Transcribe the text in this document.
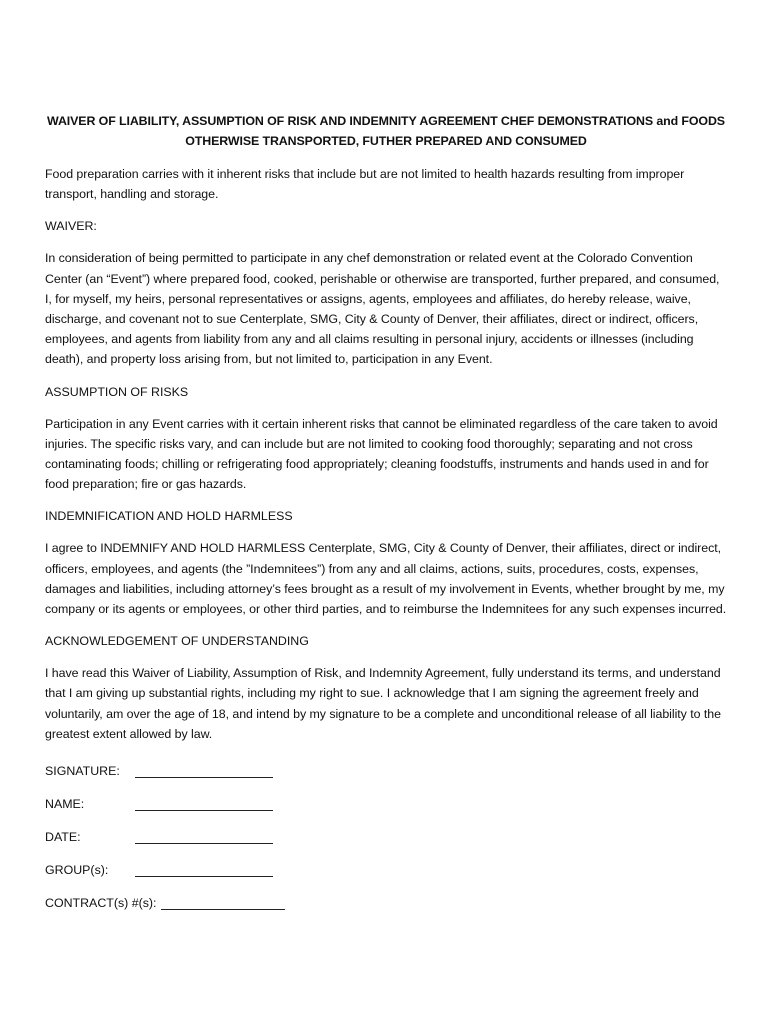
WAIVER OF LIABILITY, ASSUMPTION OF RISK AND INDEMNITY AGREEMENT CHEF DEMONSTRATIONS and FOODS OTHERWISE TRANSPORTED, FUTHER PREPARED AND CONSUMED
Food preparation carries with it inherent risks that include but are not limited to health hazards resulting from improper transport, handling and storage.
WAIVER:
In consideration of being permitted to participate in any chef demonstration or related event at the Colorado Convention Center (an “Event”) where prepared food, cooked, perishable or otherwise are transported, further prepared, and consumed, I, for myself, my heirs, personal representatives or assigns, agents, employees and affiliates, do hereby release, waive, discharge, and covenant not to sue Centerplate, SMG, City & County of Denver, their affiliates, direct or indirect, officers, employees, and agents from liability from any and all claims resulting in personal injury, accidents or illnesses (including death), and property loss arising from, but not limited to, participation in any Event.
ASSUMPTION OF RISKS
Participation in any Event carries with it certain inherent risks that cannot be eliminated regardless of the care taken to avoid injuries. The specific risks vary, and can include but are not limited to cooking food thoroughly; separating and not cross contaminating foods; chilling or refrigerating food appropriately; cleaning foodstuffs, instruments and hands used in and for food preparation; fire or gas hazards.
INDEMNIFICATION AND HOLD HARMLESS
I agree to INDEMNIFY AND HOLD HARMLESS Centerplate, SMG, City & County of Denver, their affiliates, direct or indirect, officers, employees, and agents (the ”Indemnitees”) from any and all claims, actions, suits, procedures, costs, expenses, damages and liabilities, including attorney’s fees brought as a result of my involvement in Events, whether brought by me, my company or its agents or employees, or other third parties, and to reimburse the Indemnitees for any such expenses incurred.
ACKNOWLEDGEMENT OF UNDERSTANDING
I have read this Waiver of Liability, Assumption of Risk, and Indemnity Agreement, fully understand its terms, and understand that I am giving up substantial rights, including my right to sue. I acknowledge that I am signing the agreement freely and voluntarily, am over the age of 18, and intend by my signature to be a complete and unconditional release of all liability to the greatest extent allowed by law.
SIGNATURE:
NAME:
DATE:
GROUP(s):
CONTRACT(s) #(s):
